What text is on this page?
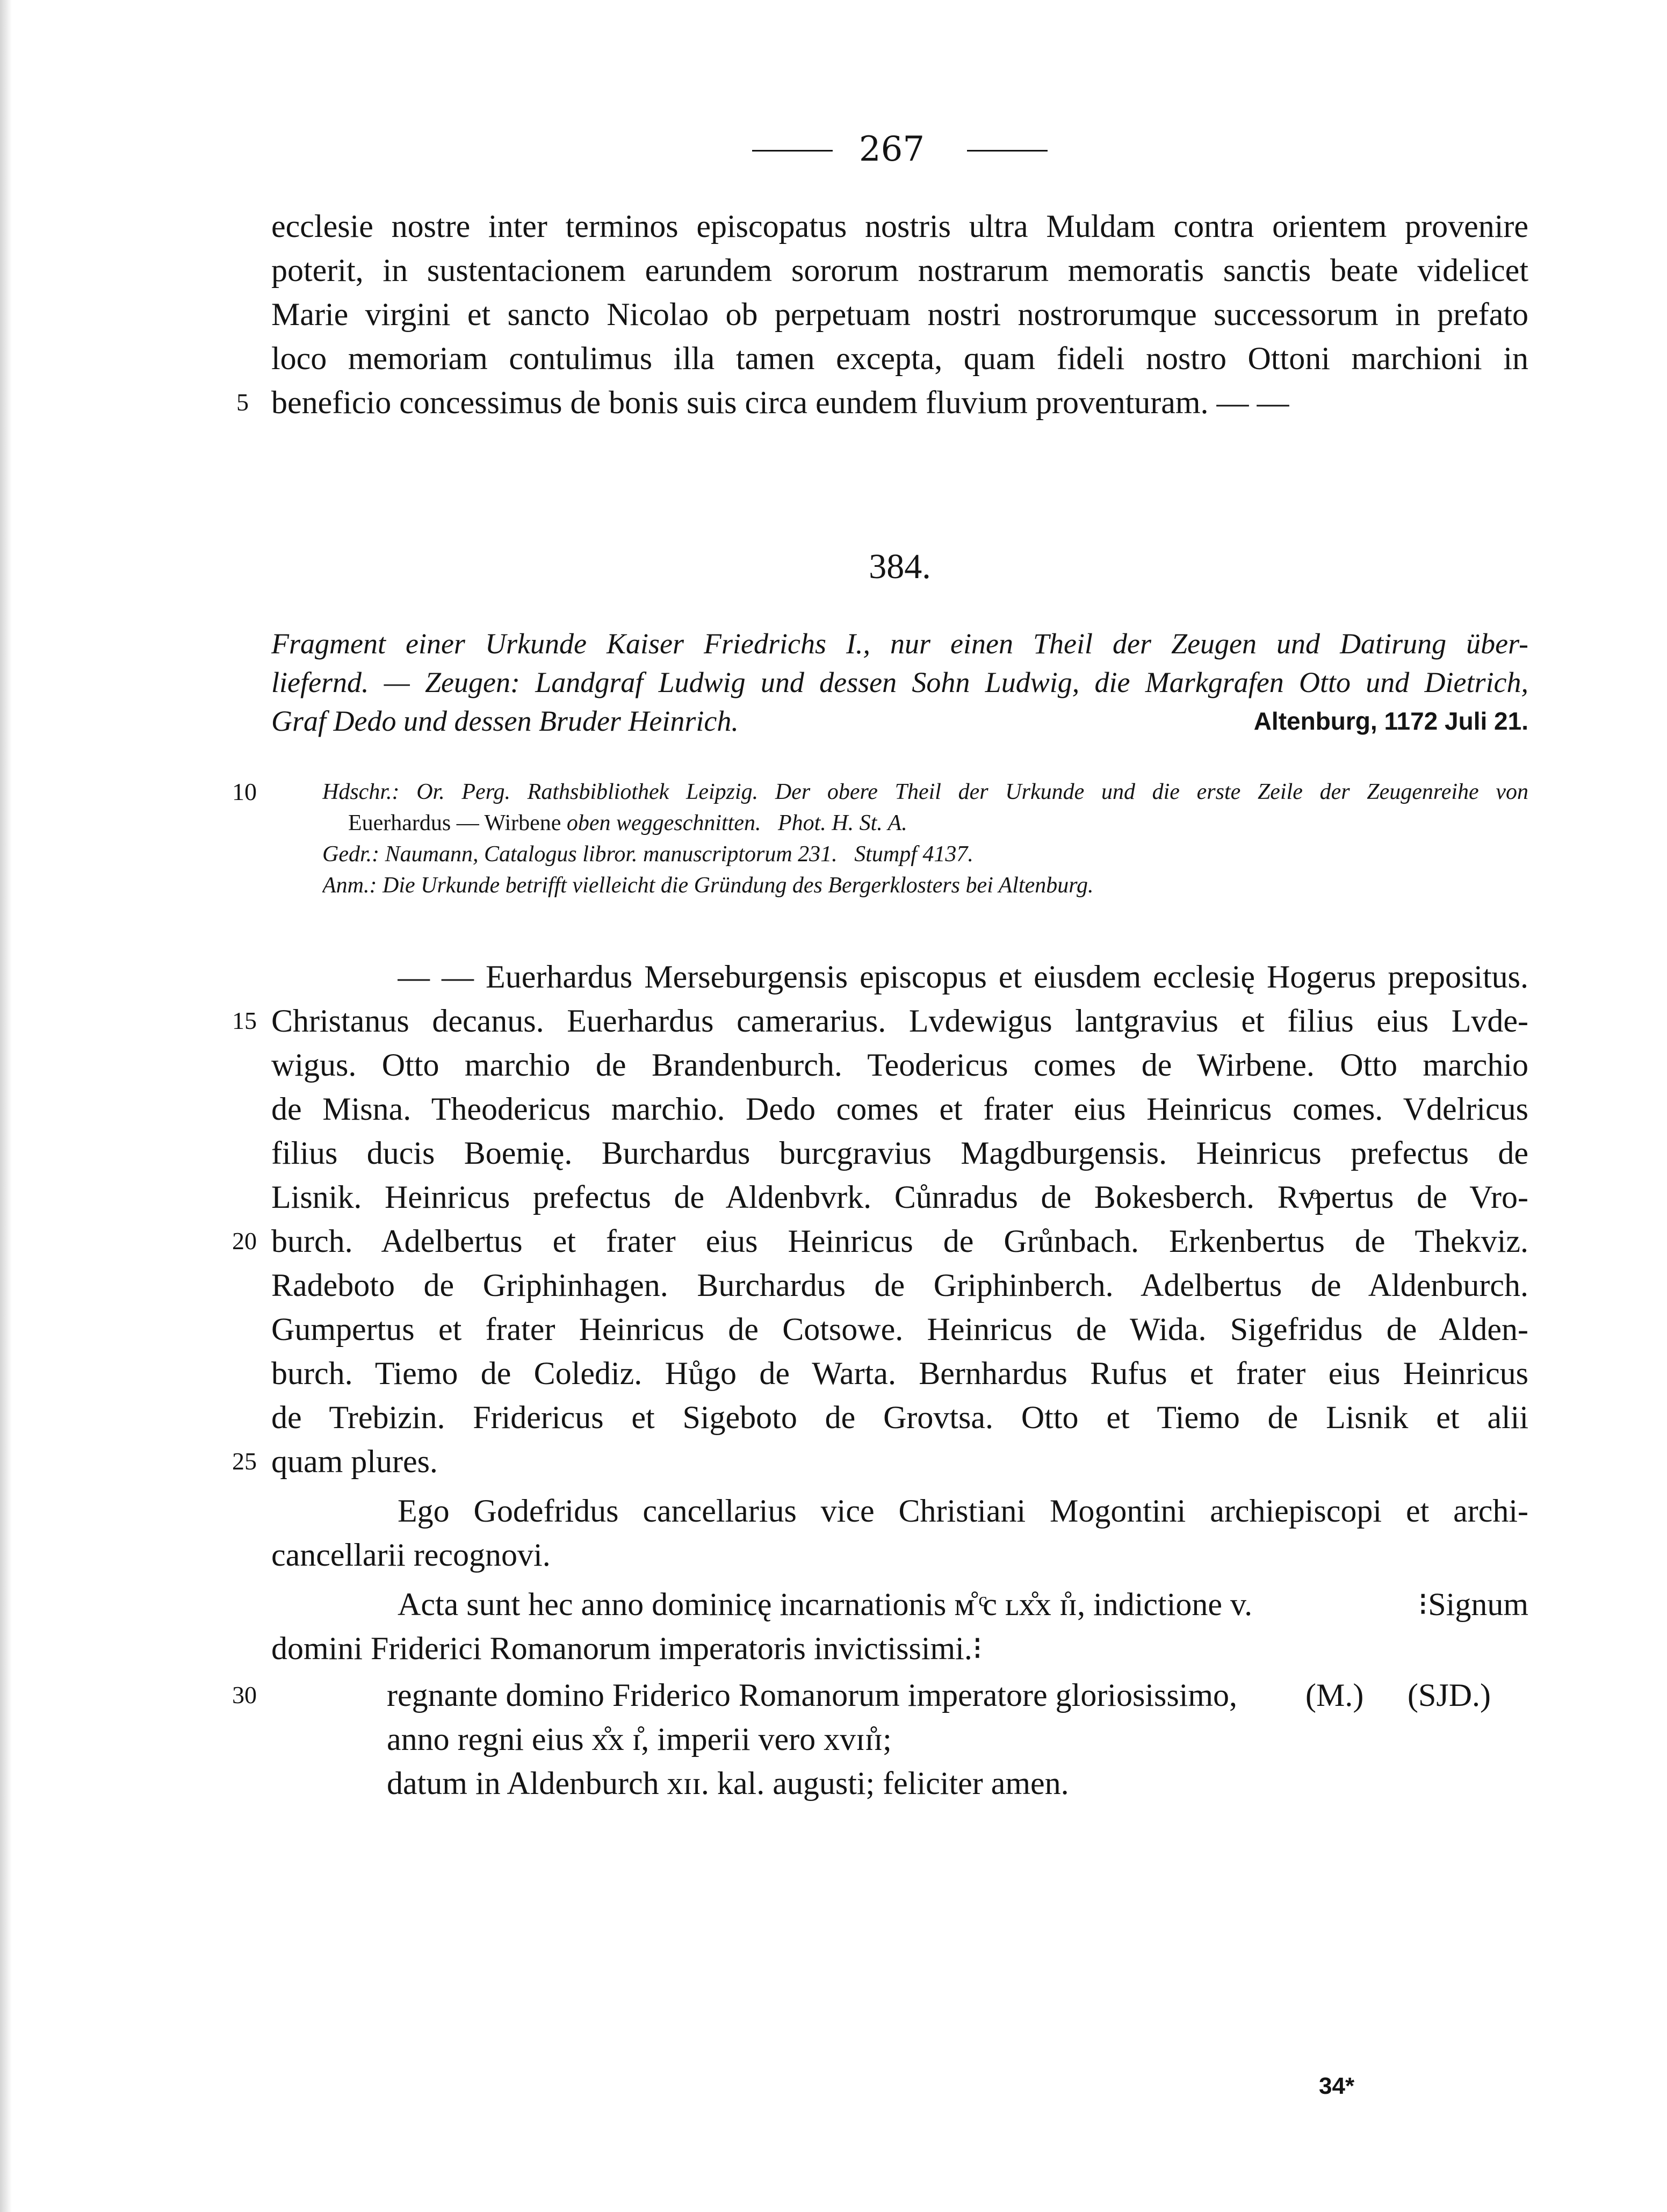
267
ecclesie nostre inter terminos episcopatus nostris ultra Muldam contra orientem provenire
poterit, in sustentacionem earundem sororum nostrarum memoratis sanctis beate videlicet
Marie virgini et sancto Nicolao ob perpetuam nostri nostrorumque successorum in prefato
loco memoriam contulimus illa tamen excepta, quam fideli nostro Ottoni marchioni in
5 beneficio concessimus de bonis suis circa eundem fluvium proventuram. — —
384.
Fragment einer Urkunde Kaiser Friedrichs I., nur einen Theil der Zeugen und Datirung über-
liefernd. — Zeugen: Landgraf Ludwig und dessen Sohn Ludwig, die Markgrafen Otto und Dietrich,
Graf Dedo und dessen Bruder Heinrich.	Altenburg, 1172 Juli 21.
10	Hdschr.: Or. Perg. Rathsbibliothek Leipzig. Der obere Theil der Urkunde und die erste Zeile der Zeugenreihe von
Euerhardus — Wirbene oben weggeschnitten. Phot. H. St. A.
Gedr.: Naumann, Catalogus libror. manuscriptorum 231. Stumpf 4137.
Anm.: Die Urkunde betrifft vielleicht die Gründung des Bergerklosters bei Altenburg.
— — Euerhardus Merseburgensis episcopus et eiusdem ecclesię Hogerus prepositus.
15 Christanus decanus. Euerhardus camerarius. Lvdewigus lantgravius et filius eius Lvde-
wigus. Otto marchio de Brandenburch. Teodericus comes de Wirbene. Otto marchio
de Misna. Theodericus marchio. Dedo comes et frater eius Heinricus comes. Vdelricus
filius ducis Boemię. Burchardus burcgravius Magdburgensis. Heinricus prefectus de
Lisnik. Heinricus prefectus de Aldenbvrk. Cůnradus de Bokesberch. Rvͦpertus de Vro-
20 burch. Adelbertus et frater eius Heinricus de Grůnbach. Erkenbertus de Thekviz.
Radeboto de Griphinhagen. Burchardus de Griphinberch. Adelbertus de Aldenburch.
Gumpertus et frater Heinricus de Cotsowe. Heinricus de Wida. Sigefridus de Alden-
burch. Tiemo de Colediz. Hůgo de Warta. Bernhardus Rufus et frater eius Heinricus
de Trebizin. Fridericus et Sigeboto de Grovtsa. Otto et Tiemo de Lisnik et alii
25 quam plures.
Ego Godefridus cancellarius vice Christiani Mogontini archiepiscopi et archi-
cancellarii recognovi.
Acta sunt hec anno dominicę incarnationis ᴍ̊ ͨc ʟx̊x ɪ̊ɪ, indictione v.	⁝Signum
domini Friderici Romanorum imperatoris invictissimi.⁝
30	regnante domino Friderico Romanorum imperatore gloriosissimo,	(M.)	(SJD.)
anno regni eius x̊x ɪ̊, imperii vero xvɪɪ̊ɪ;
datum in Aldenburch xɪɪ. kal. augusti; feliciter amen.
34*
